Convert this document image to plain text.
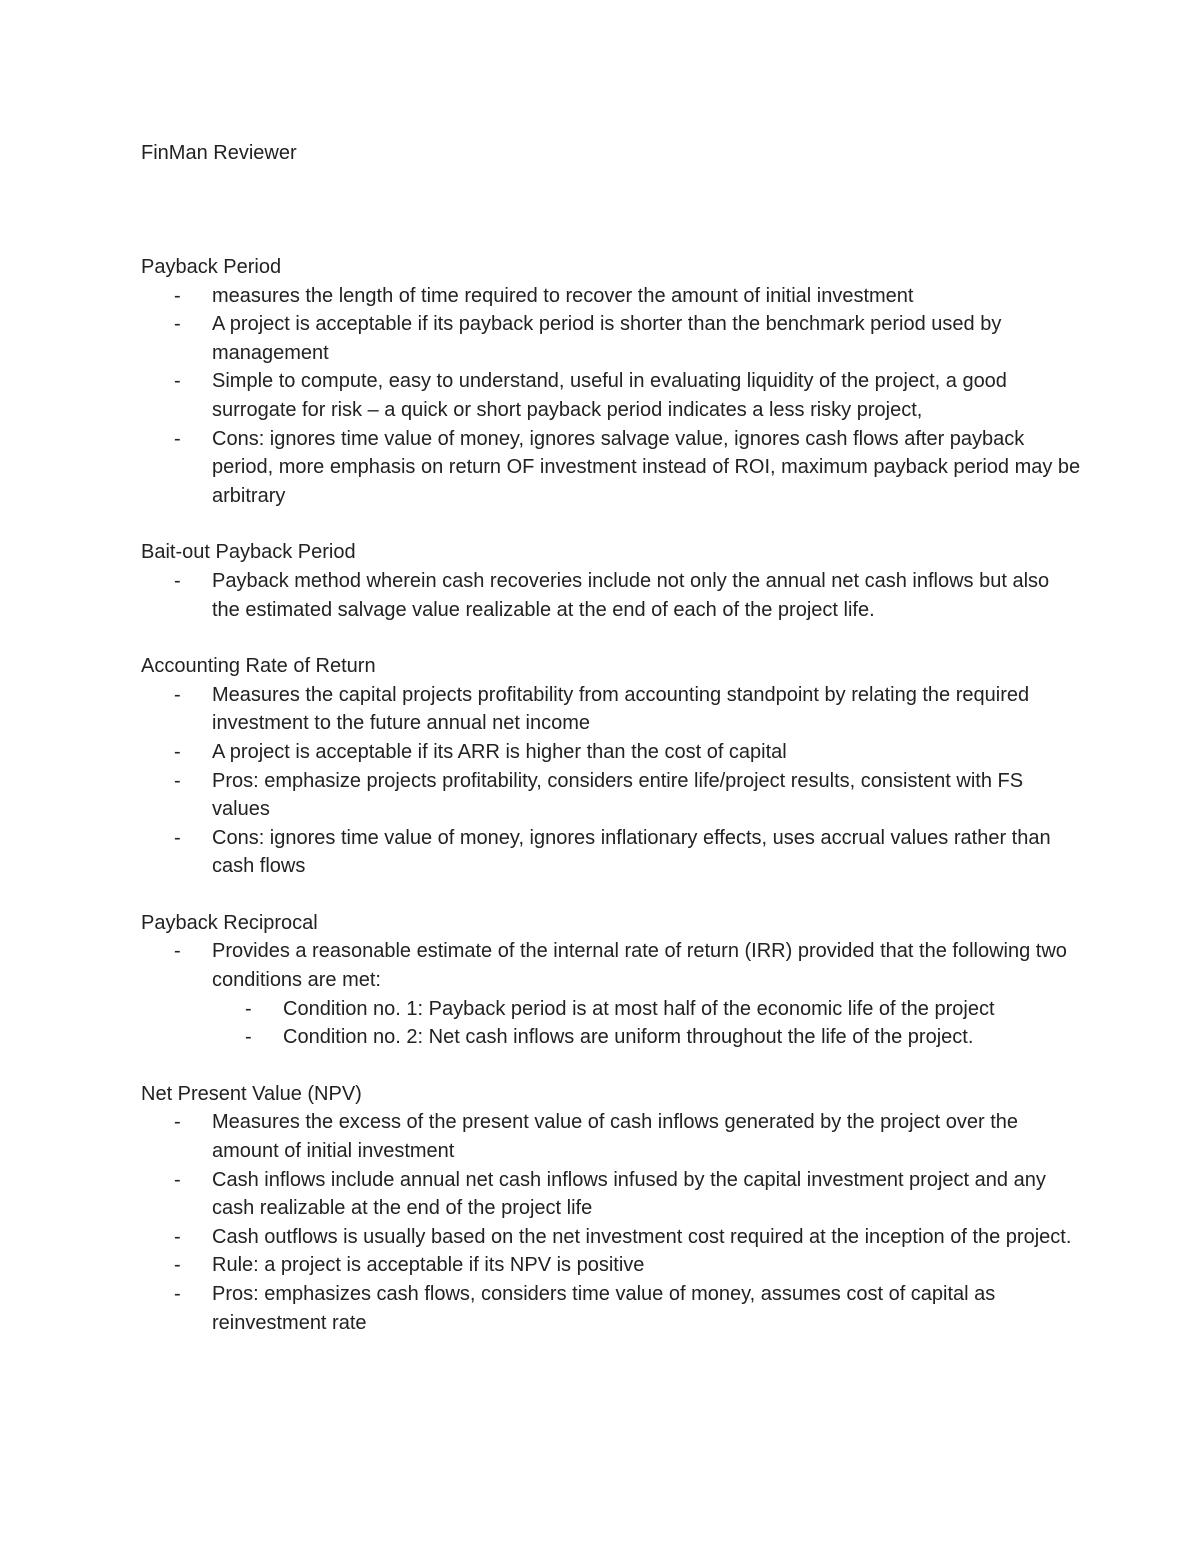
FinMan Reviewer
Payback Period
- measures the length of time required to recover the amount of initial investment
- A project is acceptable if its payback period is shorter than the benchmark period used by management
- Simple to compute, easy to understand, useful in evaluating liquidity of the project, a good surrogate for risk – a quick or short payback period indicates a less risky project,
- Cons: ignores time value of money, ignores salvage value, ignores cash flows after payback period, more emphasis on return OF investment instead of ROI, maximum payback period may be arbitrary
Bait-out Payback Period
- Payback method wherein cash recoveries include not only the annual net cash inflows but also the estimated salvage value realizable at the end of each of the project life.
Accounting Rate of Return
- Measures the capital projects profitability from accounting standpoint by relating the required investment to the future annual net income
- A project is acceptable if its ARR is higher than the cost of capital
- Pros: emphasize projects profitability, considers entire life/project results, consistent with FS values
- Cons: ignores time value of money, ignores inflationary effects, uses accrual values rather than cash flows
Payback Reciprocal
- Provides a reasonable estimate of the internal rate of return (IRR) provided that the following two conditions are met:
- Condition no. 1: Payback period is at most half of the economic life of the project
- Condition no. 2: Net cash inflows are uniform throughout the life of the project.
Net Present Value (NPV)
- Measures the excess of the present value of cash inflows generated by the project over the amount of initial investment
- Cash inflows include annual net cash inflows infused by the capital investment project and any cash realizable at the end of the project life
- Cash outflows is usually based on the net investment cost required at the inception of the project.
- Rule: a project is acceptable if its NPV is positive
- Pros: emphasizes cash flows, considers time value of money, assumes cost of capital as reinvestment rate
